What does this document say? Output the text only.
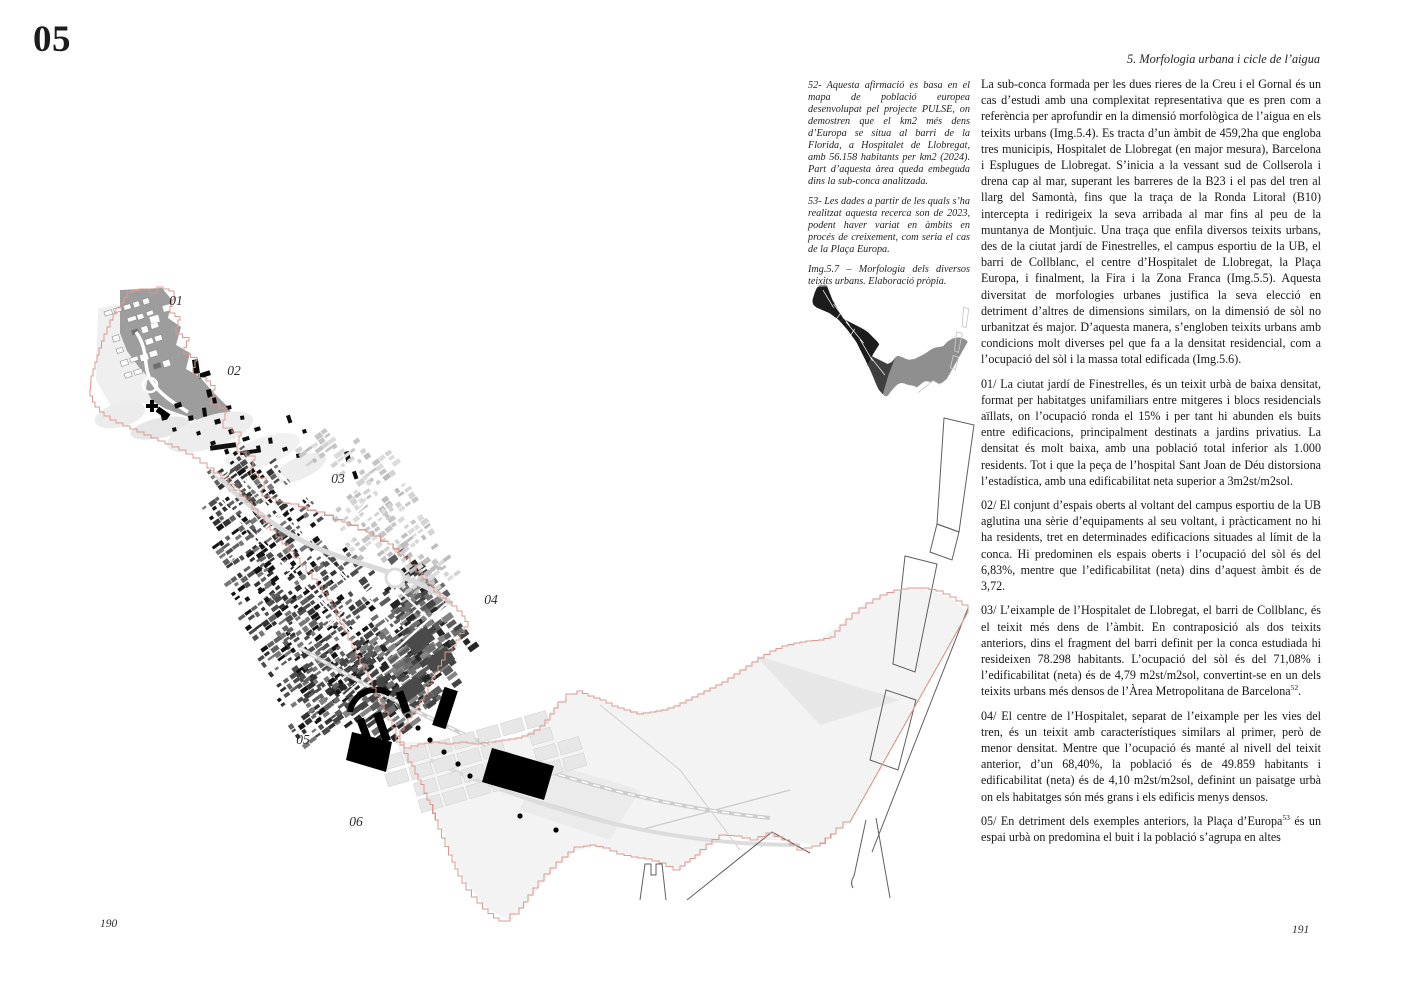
01
02
03
04
05
06
05	5. Morfologia urbana i cicle de l’aigua

52- Aquesta afirmació es basa en el mapa de població europea desenvolupat pel projecte PULSE, on demostren que el km2 més dens d’Europa se situa al barri de la Florida, a Hospitalet de Llobregat, amb 56.158 habitants per km2 (2024). Part d’aquesta àrea queda embeguda dins la sub-conca analitzada.

53- Les dades a partir de les quals s’ha realitzat aquesta recerca son de 2023, podent haver variat en àmbits en procés de creixement, com seria el cas de la Plaça Europa.

Img.5.7 – Morfologia dels diversos teixits urbans. Elaboració pròpia.

La sub-conca formada per les dues rieres de la Creu i el Gornal és un cas d’estudi amb una complexitat representativa que es pren com a referència per aprofundir en la dimensió morfològica de l’aigua en els teixits urbans (Img.5.4). Es tracta d’un àmbit de 459,2ha que engloba tres municipis, Hospitalet de Llobregat (en major mesura), Barcelona i Esplugues de Llobregat. S’inicia a la vessant sud de Collserola i drena cap al mar, superant les barreres de la B23 i el pas del tren al llarg del Samontà, fins que la traça de la Ronda Litoral (B10) intercepta i redirigeix la seva arribada al mar fins al peu de la muntanya de Montjuic. Una traça que enfila diversos teixits urbans, des de la ciutat jardí de Finestrelles, el campus esportiu de la UB, el barri de Collblanc, el centre d’Hospitalet de Llobregat, la Plaça Europa, i finalment, la Fira i la Zona Franca (Img.5.5). Aquesta diversitat de morfologies urbanes justifica la seva elecció en detriment d’altres de dimensions similars, on la dimensió de sòl no urbanitzat és major. D’aquesta manera, s’engloben teixits urbans amb condicions molt diverses pel que fa a la densitat residencial, com a l’ocupació del sòl i la massa total edificada (Img.5.6).

01/ La ciutat jardí de Finestrelles, és un teixit urbà de baixa densitat, format per habitatges unifamiliars entre mitgeres i blocs residencials aïllats, on l’ocupació ronda el 15% i per tant hi abunden els buits entre edificacions, principalment destinats a jardins privatius. La densitat és molt baixa, amb una població total inferior als 1.000 residents. Tot i que la peça de l’hospital Sant Joan de Déu distorsiona l’estadística, amb una edificabilitat neta superior a 3m2st/m2sol.

02/ El conjunt d’espais oberts al voltant del campus esportiu de la UB aglutina una sèrie d’equipaments al seu voltant, i pràcticament no hi ha residents, tret en determinades edificacions situades al límit de la conca. Hi predominen els espais oberts i l’ocupació del sòl és del 6,83%, mentre que l’edificabilitat (neta) dins d’aquest àmbit és de 3,72.

03/ L’eixample de l’Hospitalet de Llobregat, el barri de Collblanc, és el teixit més dens de l’àmbit. En contraposició als dos teixits anteriors, dins el fragment del barri definit per la conca estudiada hi resideixen 78.298 habitants. L’ocupació del sòl és del 71,08% i l’edificabilitat (neta) és de 4,79 m2st/m2sol, convertint-se en un dels teixits urbans més densos de l’Àrea Metropolitana de Barcelona$^{52}$.

04/ El centre de l’Hospitalet, separat de l’eixample per les vies del tren, és un teixit amb característiques similars al primer, però de menor densitat. Mentre que l’ocupació és manté al nivell del teixit anterior, d’un 68,40%, la població és de 49.859 habitants i edificabilitat (neta) és de 4,10 m2st/m2sol, definint un paisatge urbà on els habitatges són més grans i els edificis menys densos.

05/ En detriment dels exemples anteriors, la Plaça d’Europa$^{53}$ és un espai urbà on predomina el buit i la població s’agrupa en altes

190	191
